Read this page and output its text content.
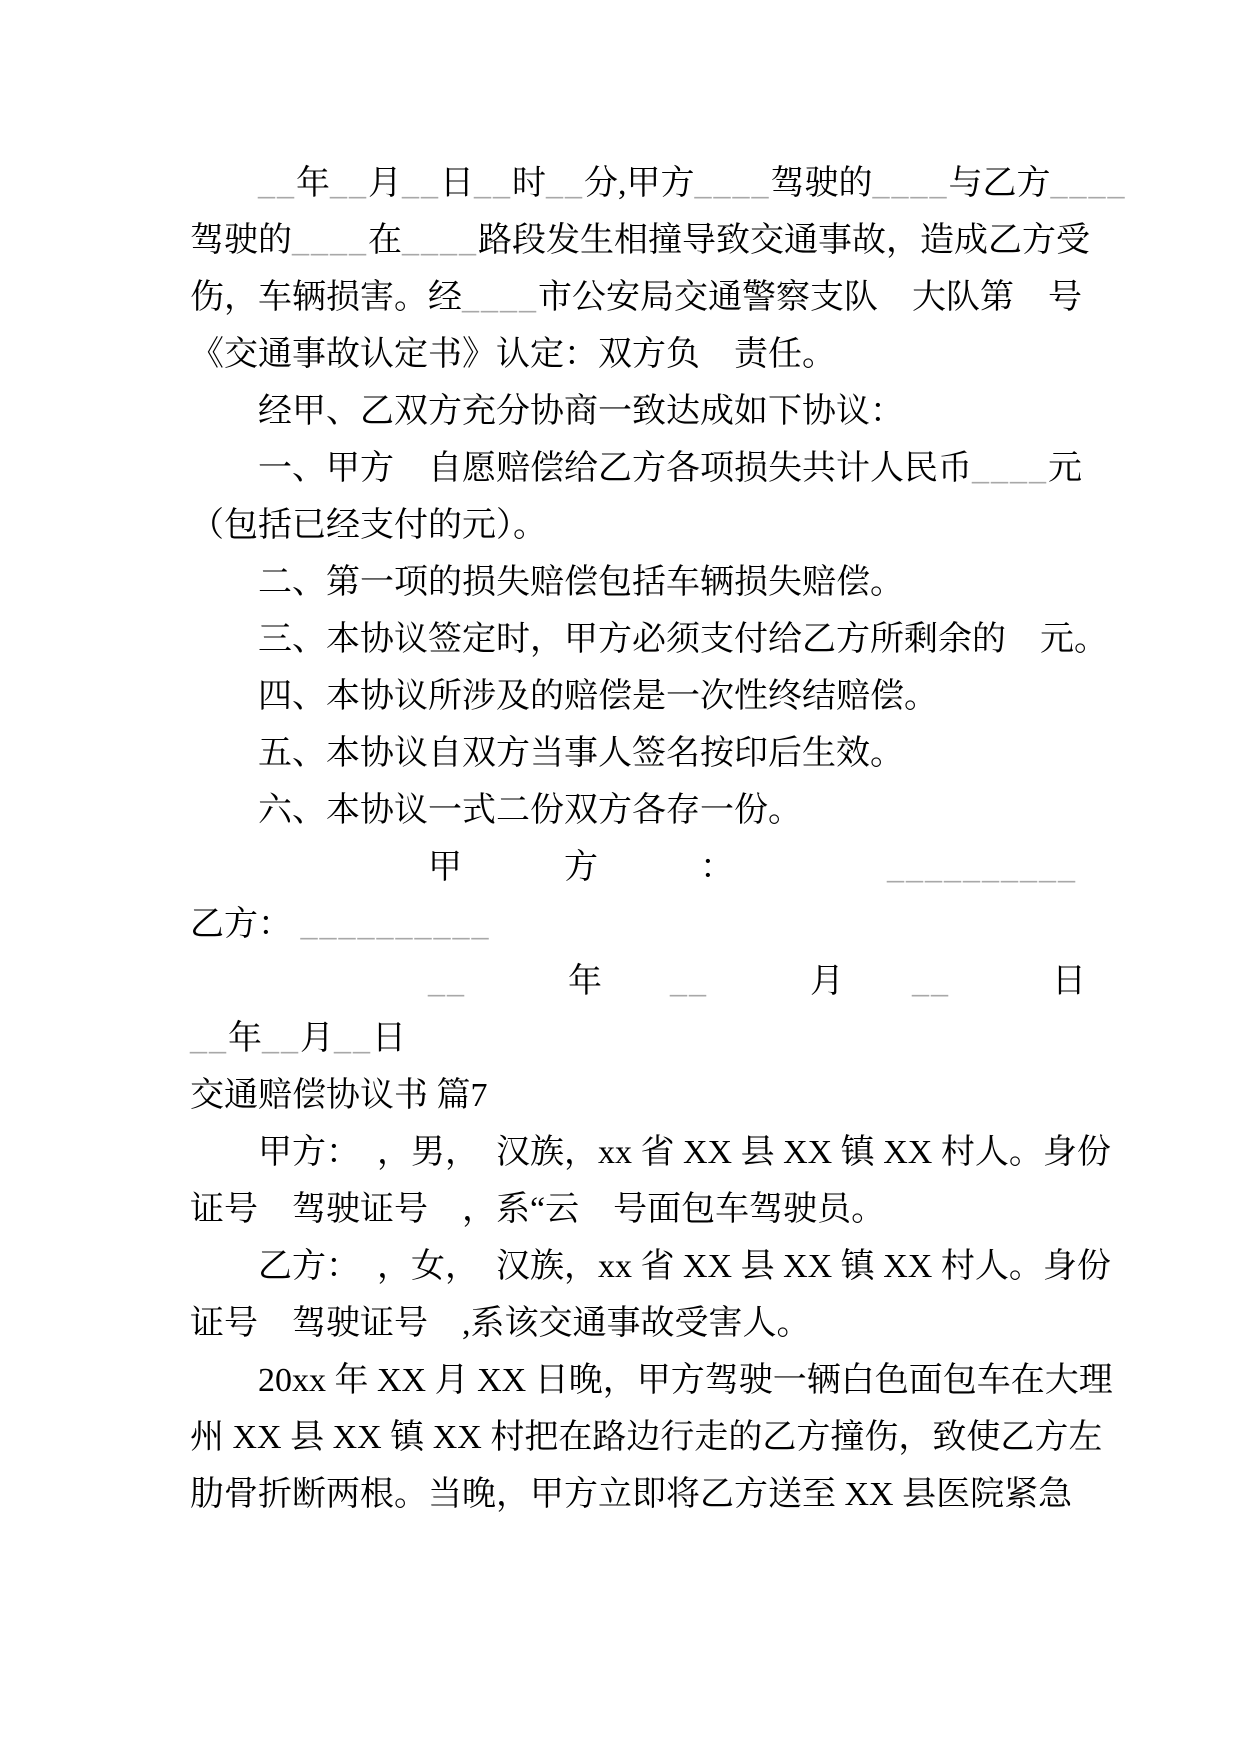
　　__年__月__日__时__分,甲方____驾驶的____与乙方____
驾驶的____在____路段发生相撞导致交通事故，造成乙方受
伤，车辆损害。经____市公安局交通警察支队　大队第　号
《交通事故认定书》认定：双方负　责任。
　　经甲、乙双方充分协商一致达成如下协议：
　　一、甲方　自愿赔偿给乙方各项损失共计人民币____元
（包括已经支付的元）。
　　二、第一项的损失赔偿包括车辆损失赔偿。
　　三、本协议签定时，甲方必须支付给乙方所剩余的　元。
　　四、本协议所涉及的赔偿是一次性终结赔偿。
　　五、本协议自双方当事人签名按印后生效。
　　六、本协议一式二份双方各存一份。
　　　　　　　甲　　　方　　　：　　　　　__________
乙方： __________
　　　　　　　__　　　年　　__　　　月　　__　　　日
__年__月__日
交通赔偿协议书 篇7
　　甲方：　，男，　汉族，xx 省 XX 县 XX 镇 XX 村人。身份
证号　驾驶证号　，系“云　号面包车驾驶员。
　　乙方：　，女，　汉族，xx 省 XX 县 XX 镇 XX 村人。身份
证号　驾驶证号　,系该交通事故受害人。
　　20xx 年 XX 月 XX 日晚，甲方驾驶一辆白色面包车在大理
州 XX 县 XX 镇 XX 村把在路边行走的乙方撞伤，致使乙方左
肋骨折断两根。当晚，甲方立即将乙方送至 XX 县医院紧急
